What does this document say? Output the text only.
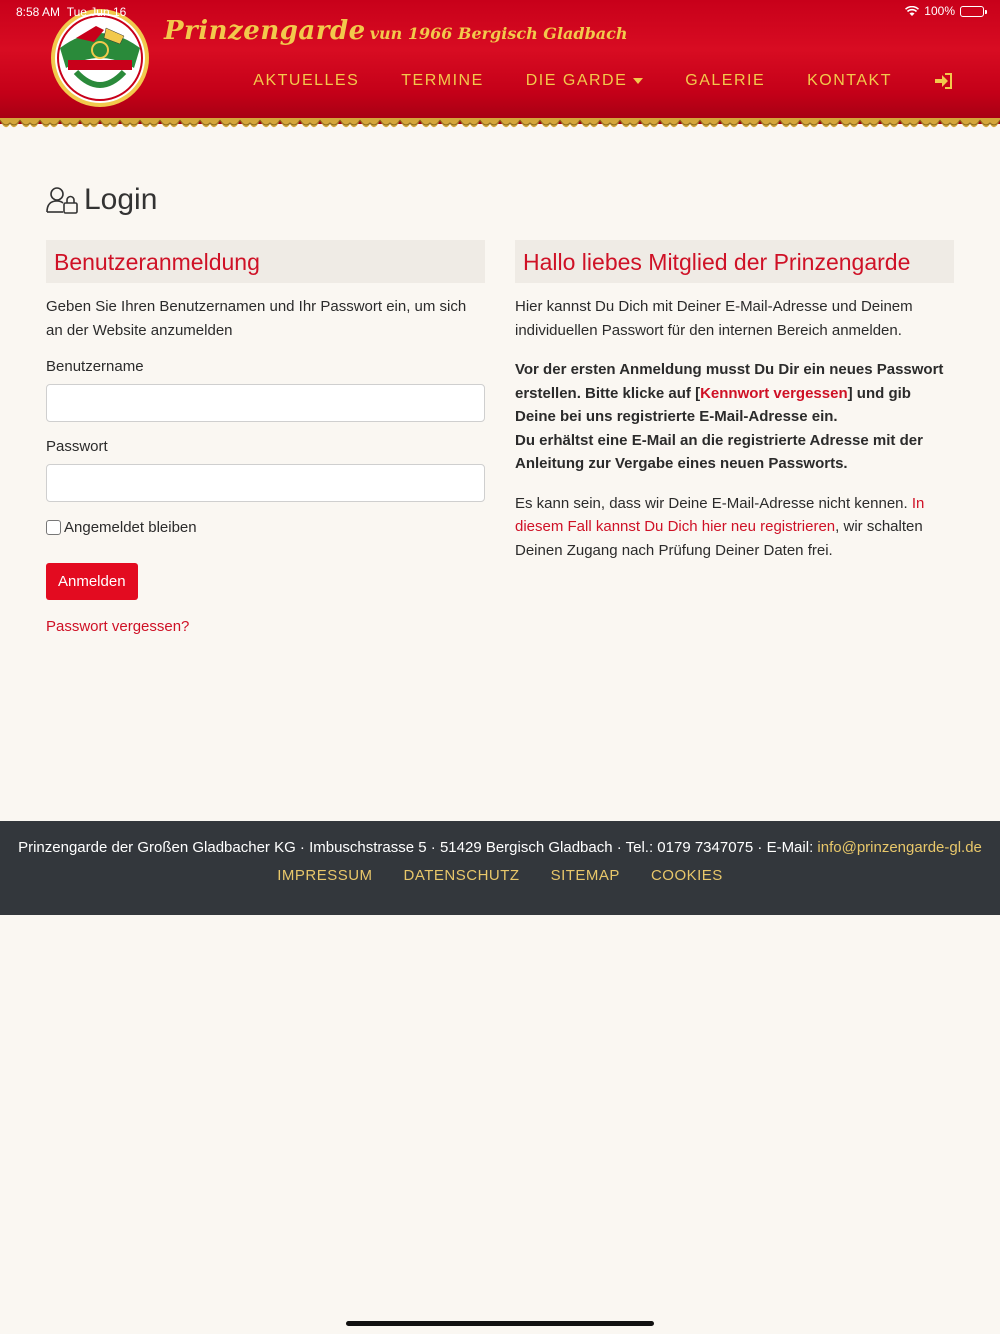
Prinzengarde vun 1966 Bergisch Gladbach
AKTUELLES	TERMINE	DIE GARDE	GALERIE	KONTAKT
8:58 AM Tue Jun 16	100%
Login
Benutzeranmeldung

Geben Sie Ihren Benutzernamen und Ihr Passwort ein, um sich an der Website anzumelden

Benutzername
Passwort
Angemeldet bleiben
Anmelden
Passwort vergessen?
Hallo liebes Mitglied der Prinzengarde

Hier kannst Du Dich mit Deiner E-Mail-Adresse und Deinem individuellen Passwort für den internen Bereich anmelden.

Vor der ersten Anmeldung musst Du Dir ein neues Passwort erstellen. Bitte klicke auf [Kennwort vergessen] und gib Deine bei uns registrierte E-Mail-Adresse ein.
Du erhältst eine E-Mail an die registrierte Adresse mit der Anleitung zur Vergabe eines neuen Passworts.

Es kann sein, dass wir Deine E-Mail-Adresse nicht kennen. In diesem Fall kannst Du Dich hier neu registrieren, wir schalten Deinen Zugang nach Prüfung Deiner Daten frei.

Prinzengarde der Großen Gladbacher KG · Imbuschstrasse 5 · 51429 Bergisch Gladbach · Tel.: 0179 7347075 · E-Mail: info@prinzengarde-gl.de
IMPRESSUM DATENSCHUTZ SITEMAP COOKIES
